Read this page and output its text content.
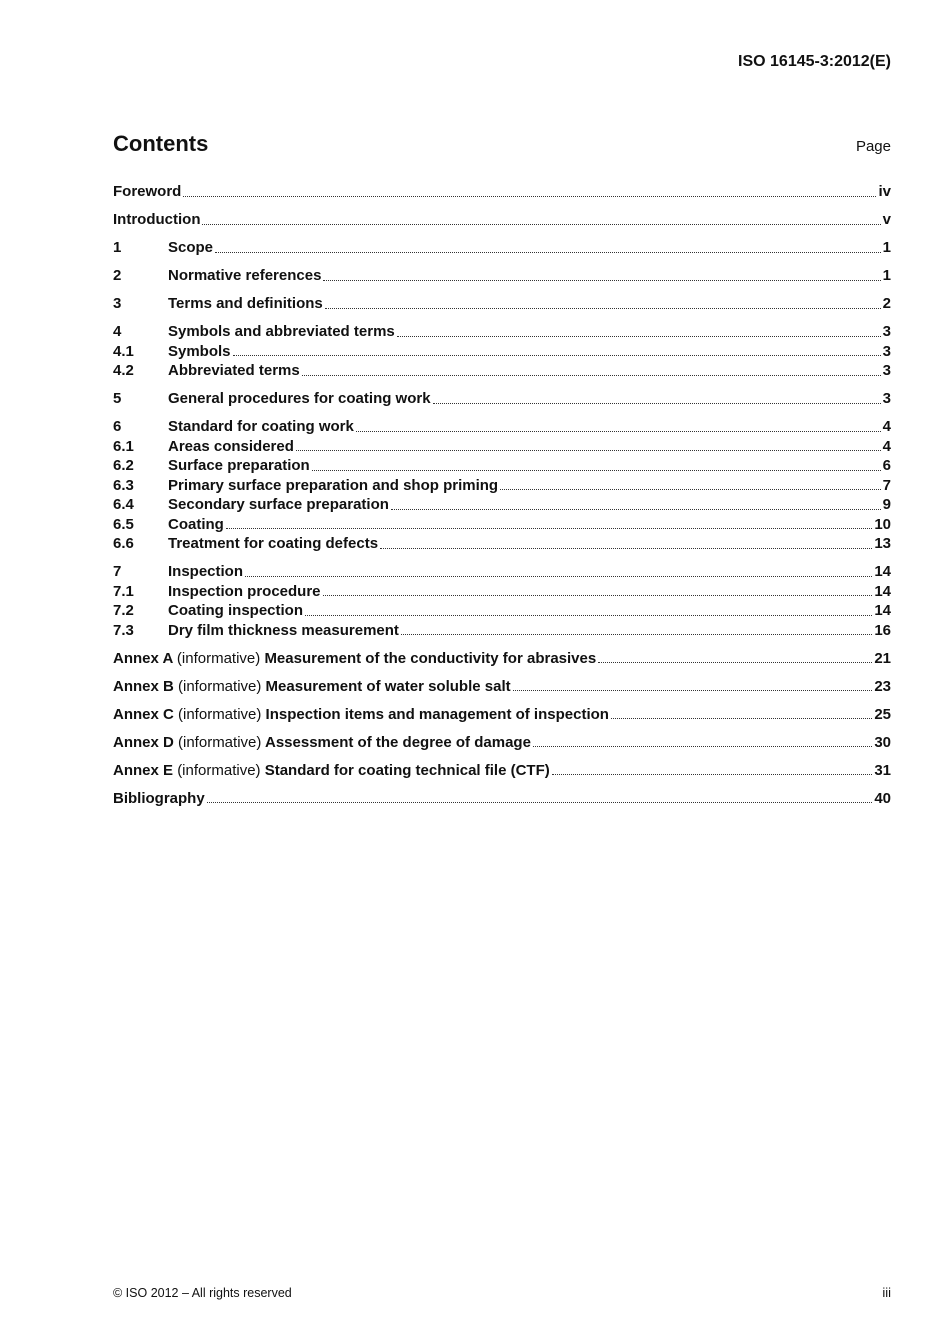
ISO 16145-3:2012(E)
Contents	Page
Foreword	iv
Introduction	v
1	Scope	1
2	Normative references	1
3	Terms and definitions	2
4	Symbols and abbreviated terms	3
4.1	Symbols	3
4.2	Abbreviated terms	3
5	General procedures for coating work	3
6	Standard for coating work	4
6.1	Areas considered	4
6.2	Surface preparation	6
6.3	Primary surface preparation and shop priming	7
6.4	Secondary surface preparation	9
6.5	Coating	10
6.6	Treatment for coating defects	13
7	Inspection	14
7.1	Inspection procedure	14
7.2	Coating inspection	14
7.3	Dry film thickness measurement	16
Annex A (informative) Measurement of the conductivity for abrasives	21
Annex B (informative) Measurement of water soluble salt	23
Annex C (informative) Inspection items and management of inspection	25
Annex D (informative) Assessment of the degree of damage	30
Annex E (informative) Standard for coating technical file (CTF)	31
Bibliography	40
© ISO 2012 – All rights reserved	iii
